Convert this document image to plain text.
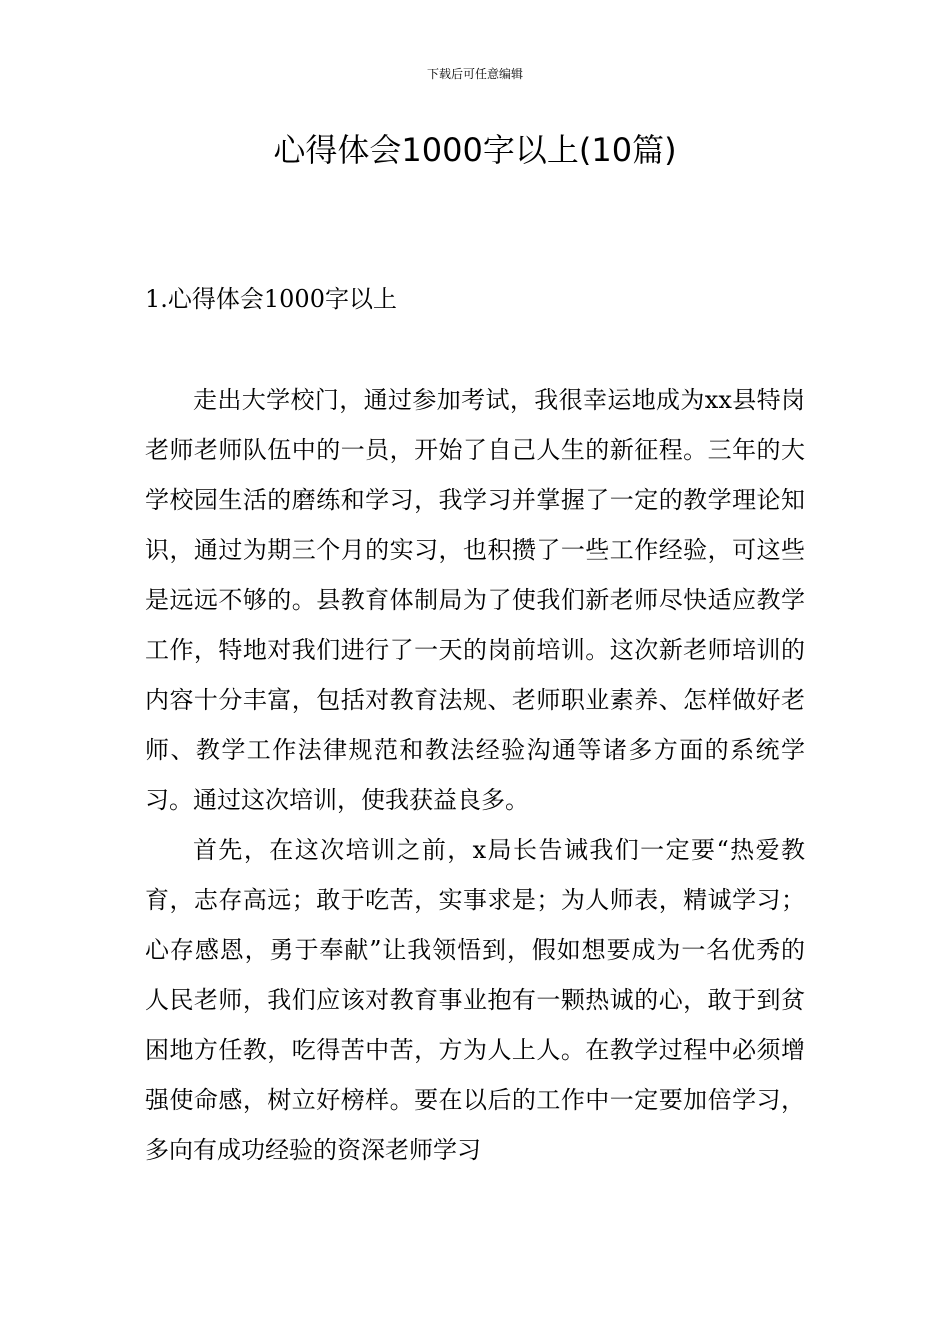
下载后可任意编辑
心得体会1000字以上(10篇)
1.心得体会1000字以上

走出大学校门，通过参加考试，我很幸运地成为xx县特岗老师老师队伍中的一员，开始了自己人生的新征程。三年的大学校园生活的磨练和学习，我学习并掌握了一定的教学理论知识，通过为期三个月的实习，也积攒了一些工作经验，可这些是远远不够的。县教育体制局为了使我们新老师尽快适应教学工作，特地对我们进行了一天的岗前培训。这次新老师培训的内容十分丰富，包括对教育法规、老师职业素养、怎样做好老师、教学工作法律规范和教法经验沟通等诸多方面的系统学习。通过这次培训，使我获益良多。

首先，在这次培训之前，x局长告诫我们一定要“热爱教育，志存高远；敢于吃苦，实事求是；为人师表，精诚学习；心存感恩，勇于奉献”让我领悟到，假如想要成为一名优秀的人民老师，我们应该对教育事业抱有一颗热诚的心，敢于到贫困地方任教，吃得苦中苦，方为人上人。在教学过程中必须增强使命感，树立好榜样。要在以后的工作中一定要加倍学习，多向有成功经验的资深老师学习
